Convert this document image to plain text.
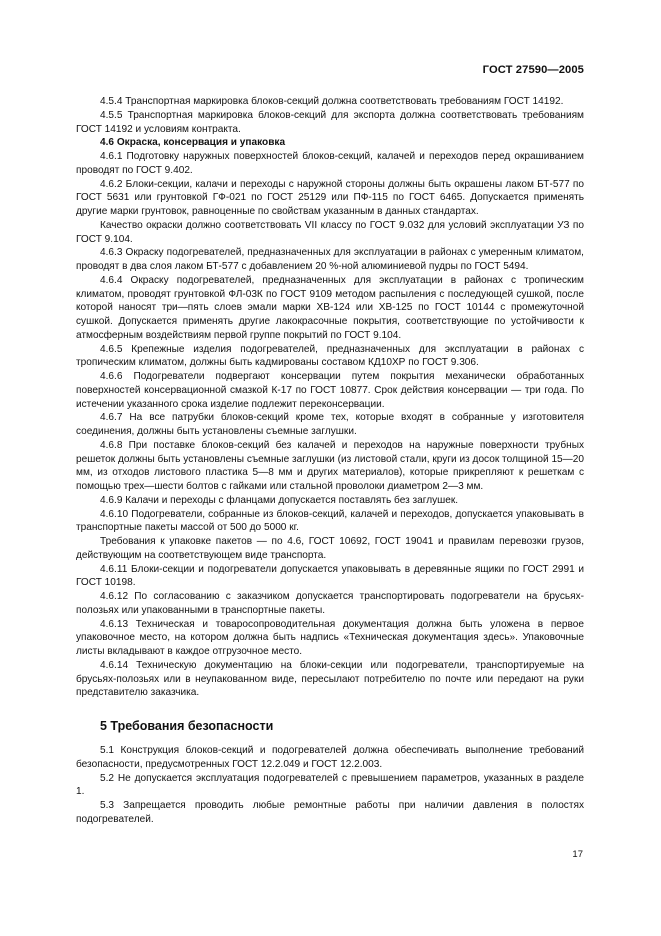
ГОСТ 27590—2005

4.5.4 Транспортная маркировка блоков-секций должна соответствовать требованиям ГОСТ 14192.

4.5.5 Транспортная маркировка блоков-секций для экспорта должна соответствовать требованиям ГОСТ 14192 и условиям контракта.

4.6 Окраска, консервация и упаковка

4.6.1 Подготовку наружных поверхностей блоков-секций, калачей и переходов перед окрашиванием проводят по ГОСТ 9.402.

4.6.2 Блоки-секции, калачи и переходы с наружной стороны должны быть окрашены лаком БТ-577 по ГОСТ 5631 или грунтовкой ГФ-021 по ГОСТ 25129 или ПФ-115 по ГОСТ 6465. Допускается применять другие марки грунтовок, равноценные по свойствам указанным в данных стандартах.

Качество окраски должно соответствовать VII классу по ГОСТ 9.032 для условий эксплуатации УЗ по ГОСТ 9.104.

4.6.3 Окраску подогревателей, предназначенных для эксплуатации в районах с умеренным климатом, проводят в два слоя лаком БТ-577 с добавлением 20 %-ной алюминиевой пудры по ГОСТ 5494.

4.6.4 Окраску подогревателей, предназначенных для эксплуатации в районах с тропическим климатом, проводят грунтовкой ФЛ-03К по ГОСТ 9109 методом распыления с последующей сушкой, после которой наносят три—пять слоев эмали марки ХВ-124 или ХВ-125 по ГОСТ 10144 с промежуточной сушкой. Допускается применять другие лакокрасочные покрытия, соответствующие по устойчивости к атмосферным воздействиям первой группе покрытий по ГОСТ 9.104.

4.6.5 Крепежные изделия подогревателей, предназначенных для эксплуатации в районах с тропическим климатом, должны быть кадмированы составом КД10ХР по ГОСТ 9.306.

4.6.6 Подогреватели подвергают консервации путем покрытия механически обработанных поверхностей консервационной смазкой К-17 по ГОСТ 10877. Срок действия консервации — три года. По истечении указанного срока изделие подлежит переконсервации.

4.6.7 На все патрубки блоков-секций кроме тех, которые входят в собранные у изготовителя соединения, должны быть установлены съемные заглушки.

4.6.8 При поставке блоков-секций без калачей и переходов на наружные поверхности трубных решеток должны быть установлены съемные заглушки (из листовой стали, круги из досок толщиной 15—20 мм, из отходов листового пластика 5—8 мм и других материалов), которые прикрепляют к решеткам с помощью трех—шести болтов с гайками или стальной проволоки диаметром 2—3 мм.

4.6.9 Калачи и переходы с фланцами допускается поставлять без заглушек.

4.6.10 Подогреватели, собранные из блоков-секций, калачей и переходов, допускается упаковывать в транспортные пакеты массой от 500 до 5000 кг.

Требования к упаковке пакетов — по 4.6, ГОСТ 10692, ГОСТ 19041 и правилам перевозки грузов, действующим на соответствующем виде транспорта.

4.6.11 Блоки-секции и подогреватели допускается упаковывать в деревянные ящики по ГОСТ 2991 и ГОСТ 10198.

4.6.12 По согласованию с заказчиком допускается транспортировать подогреватели на брусьях-полозьях или упакованными в транспортные пакеты.

4.6.13 Техническая и товаросопроводительная документация должна быть уложена в первое упаковочное место, на котором должна быть надпись «Техническая документация здесь». Упаковочные листы вкладывают в каждое отгрузочное место.

4.6.14 Техническую документацию на блоки-секции или подогреватели, транспортируемые на брусьях-полозьях или в неупакованном виде, пересылают потребителю по почте или передают на руки представителю заказчика.

5 Требования безопасности

5.1 Конструкция блоков-секций и подогревателей должна обеспечивать выполнение требований безопасности, предусмотренных ГОСТ 12.2.049 и ГОСТ 12.2.003.

5.2 Не допускается эксплуатация подогревателей с превышением параметров, указанных в разделе 1.

5.3 Запрещается проводить любые ремонтные работы при наличии давления в полостях подогревателей.

17
